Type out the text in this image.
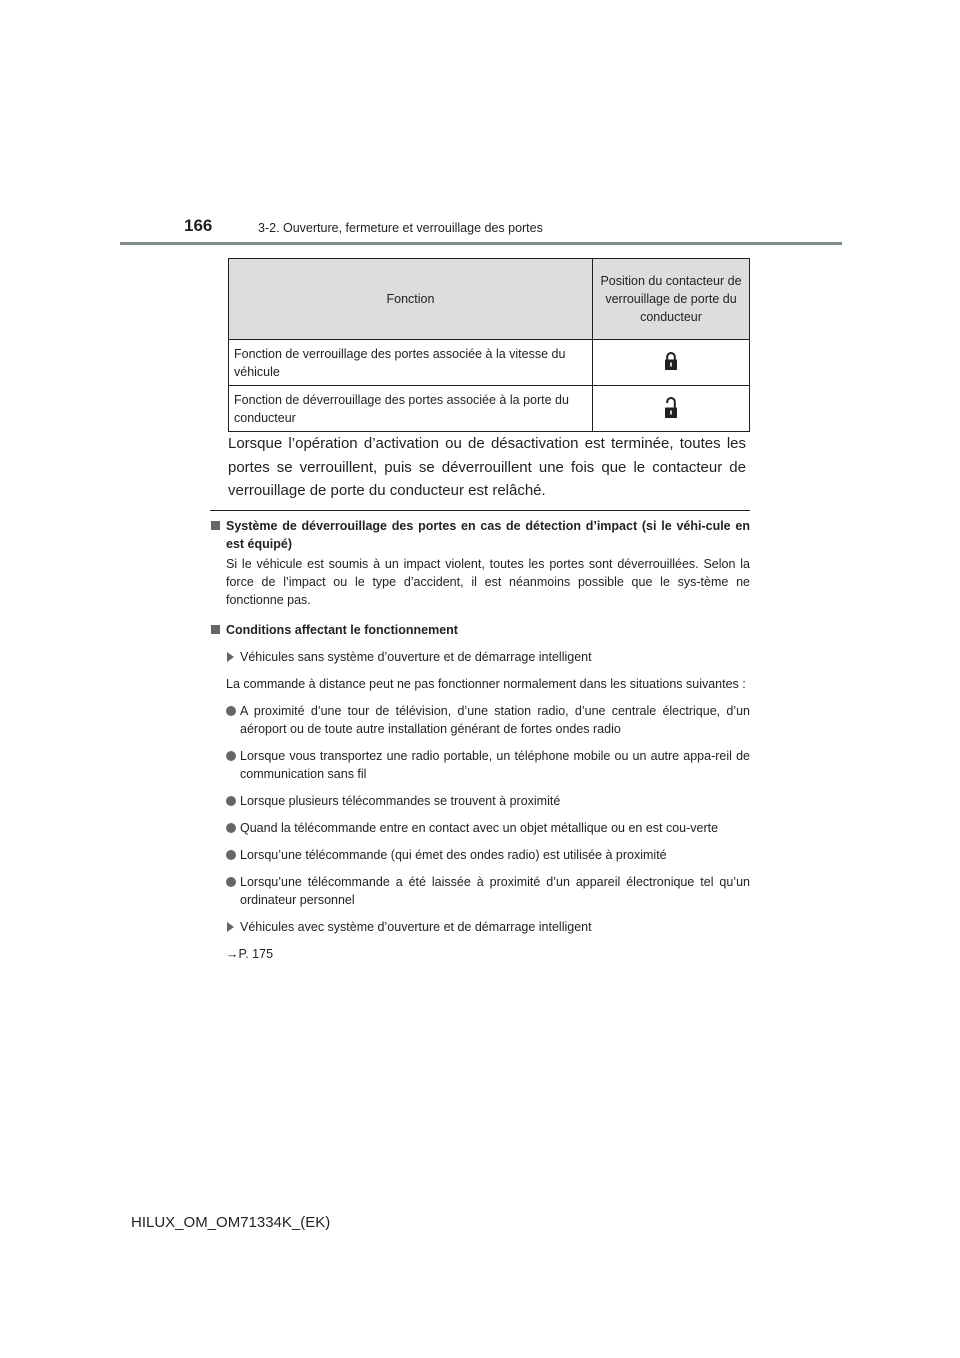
166	3-2. Ouverture, fermeture et verrouillage des portes
Fonction	Position du contacteur de verrouillage de porte du conducteur
Fonction de verrouillage des portes associée à la vitesse du véhicule	
Fonction de déverrouillage des portes associée à la porte du conducteur	

Lorsque l’opération d’activation ou de désactivation est terminée, toutes les portes se verrouillent, puis se déverrouillent une fois que le contacteur de verrouillage de porte du conducteur est relâché.

Système de déverrouillage des portes en cas de détection d’impact (si le véhi-cule en est équipé)

Si le véhicule est soumis à un impact violent, toutes les portes sont déverrouillées. Selon la force de l’impact ou le type d’accident, il est néanmoins possible que le sys-tème ne fonctionne pas.

Conditions affectant le fonctionnement

Véhicules sans système d’ouverture et de démarrage intelligent

La commande à distance peut ne pas fonctionner normalement dans les situations suivantes :

A proximité d’une tour de télévision, d’une station radio, d’une centrale électrique, d’un aéroport ou de toute autre installation générant de fortes ondes radio

Lorsque vous transportez une radio portable, un téléphone mobile ou un autre appa-reil de communication sans fil

Lorsque plusieurs télécommandes se trouvent à proximité

Quand la télécommande entre en contact avec un objet métallique ou en est cou-verte

Lorsqu’une télécommande (qui émet des ondes radio) est utilisée à proximité

Lorsqu’une télécommande a été laissée à proximité d’un appareil électronique tel qu’un ordinateur personnel

Véhicules avec système d’ouverture et de démarrage intelligent

→P. 175

HILUX_OM_OM71334K_(EK)
